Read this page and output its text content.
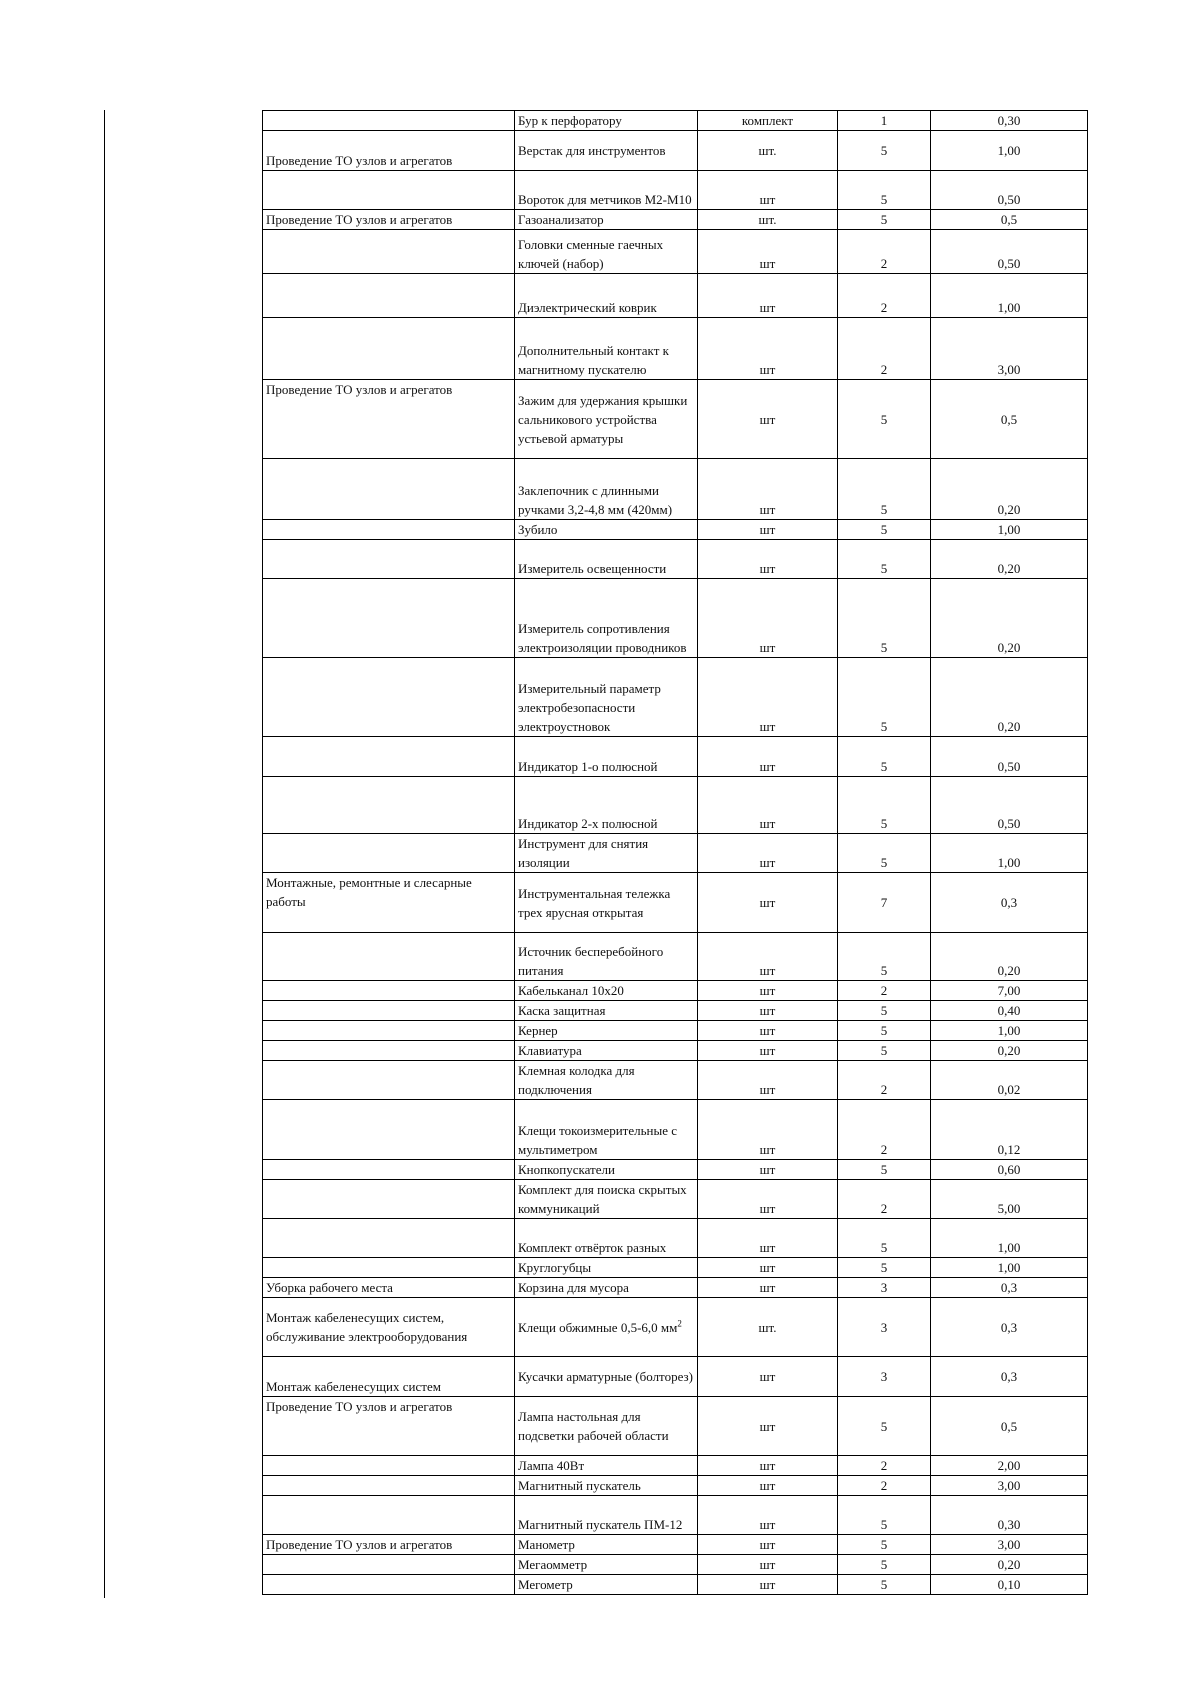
	Бур к перфоратору	комплект	1	0,30
Проведение ТО узлов и агрегатов	Верстак для инструментов	шт.	5	1,00
	Вороток для метчиков М2-М10	шт	5	0,50
Проведение ТО узлов и агрегатов	Газоанализатор	шт.	5	0,5
	Головки сменные гаечных ключей (набор)	шт	2	0,50
	Диэлектрический коврик	шт	2	1,00
	Дополнительный контакт к магнитному пускателю	шт	2	3,00
Проведение ТО узлов и агрегатов	Зажим для удержания крышки сальникового устройства устьевой арматуры	шт	5	0,5
	Заклепочник с длинными ручками 3,2-4,8 мм (420мм)	шт	5	0,20
	Зубило	шт	5	1,00
	Измеритель освещенности	шт	5	0,20
	Измеритель сопротивления электроизоляции проводников	шт	5	0,20
	Измерительный параметр электробезопасности электроустновок	шт	5	0,20
	Индикатор 1-о полюсной	шт	5	0,50
	Индикатор 2-х полюсной	шт	5	0,50
	Инструмент для снятия изоляции	шт	5	1,00
Монтажные, ремонтные и слесарные работы	Инструментальная тележка трех ярусная открытая	шт	7	0,3
	Источник бесперебойного питания	шт	5	0,20
	Кабельканал 10х20	шт	2	7,00
	Каска защитная	шт	5	0,40
	Кернер	шт	5	1,00
	Клавиатура	шт	5	0,20
	Клемная колодка для подключения	шт	2	0,02
	Клещи токоизмерительные с мультиметром	шт	2	0,12
	Кнопкопускатели	шт	5	0,60
	Комплект для поиска скрытых коммуникаций	шт	2	5,00
	Комплект отвёрток разных	шт	5	1,00
	Круглогубцы	шт	5	1,00
Уборка рабочего места	Корзина для мусора	шт	3	0,3
Монтаж кабеленесущих систем, обслуживание электрооборудования	Клещи обжимные 0,5-6,0 $мм^2$	шт.	3	0,3
Монтаж кабеленесущих систем	Кусачки арматурные (болторез)	шт	3	0,3
Проведение ТО узлов и агрегатов	Лампа настольная для подсветки рабочей области	шт	5	0,5
	Лампа 40Вт	шт	2	2,00
	Магнитный пускатель	шт	2	3,00
	Магнитный пускатель ПМ-12	шт	5	0,30
Проведение ТО узлов и агрегатов	Манометр	шт	5	3,00
	Мегаомметр	шт	5	0,20
	Мегометр	шт	5	0,10
